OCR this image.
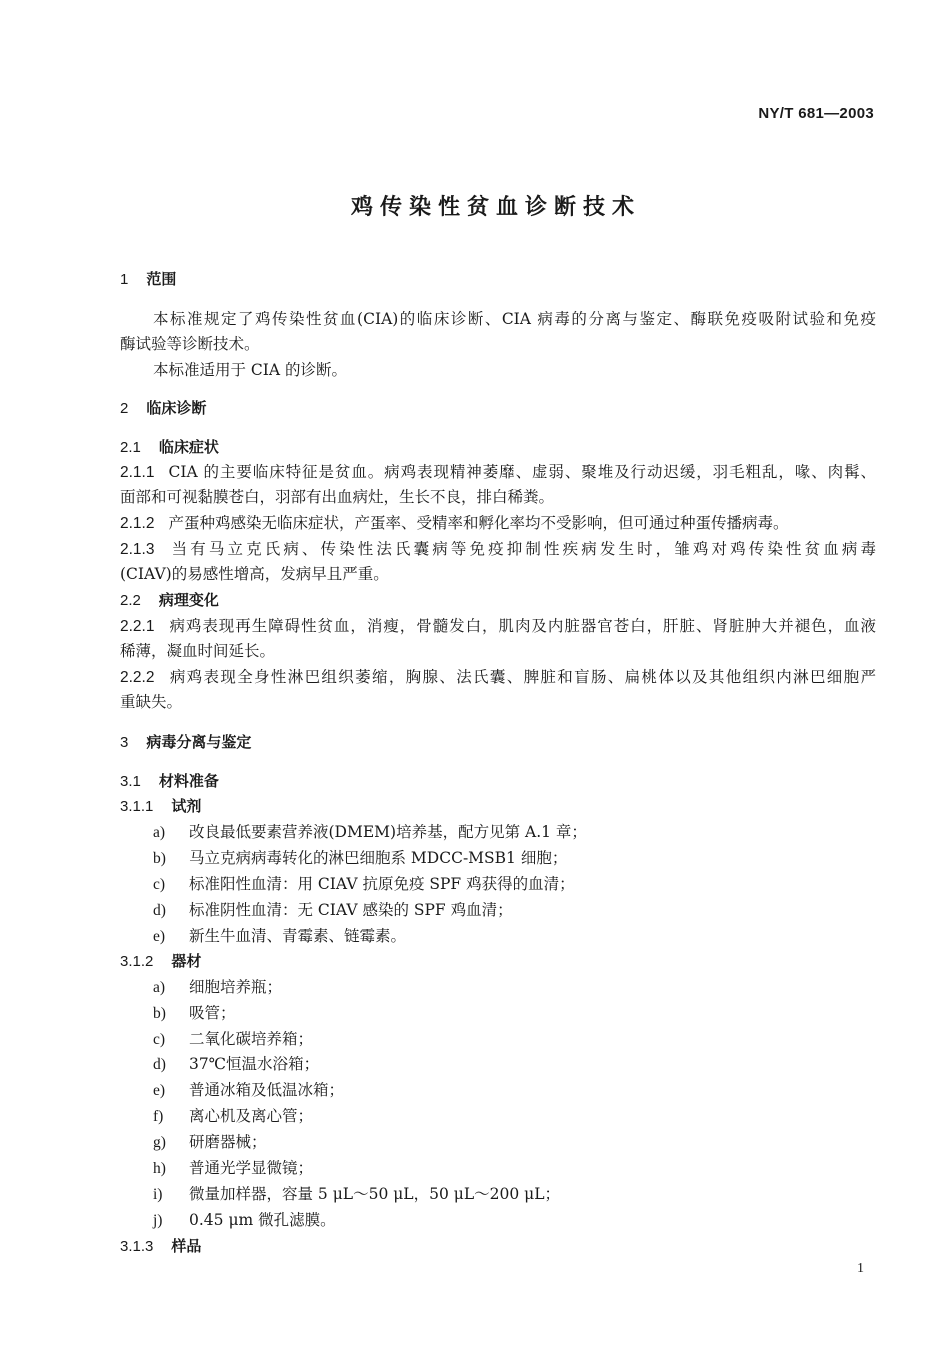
NY/T 681—2003
鸡传染性贫血诊断技术
1 范围
本标准规定了鸡传染性贫血(CIA)的临床诊断、CIA 病毒的分离与鉴定、酶联免疫吸附试验和免疫
酶试验等诊断技术。
本标准适用于 CIA 的诊断。
2 临床诊断
2.1 临床症状
2.1.1 CIA 的主要临床特征是贫血。病鸡表现精神萎靡、虚弱、聚堆及行动迟缓，羽毛粗乱，喙、肉髯、
面部和可视黏膜苍白，羽部有出血病灶，生长不良，排白稀粪。
2.1.2 产蛋种鸡感染无临床症状，产蛋率、受精率和孵化率均不受影响，但可通过种蛋传播病毒。
2.1.3 当有马立克氏病、传染性法氏囊病等免疫抑制性疾病发生时，雏鸡对鸡传染性贫血病毒
(CIAV)的易感性增高，发病早且严重。
2.2 病理变化
2.2.1 病鸡表现再生障碍性贫血，消瘦，骨髓发白，肌肉及内脏器官苍白，肝脏、肾脏肿大并褪色，血液
稀薄，凝血时间延长。
2.2.2 病鸡表现全身性淋巴组织萎缩，胸腺、法氏囊、脾脏和盲肠、扁桃体以及其他组织内淋巴细胞严
重缺失。
3 病毒分离与鉴定
3.1 材料准备
3.1.1 试剂
a) 改良最低要素营养液(DMEM)培养基，配方见第 A.1 章；
b) 马立克病病毒转化的淋巴细胞系 MDCC-MSB1 细胞；
c) 标准阳性血清：用 CIAV 抗原免疫 SPF 鸡获得的血清；
d) 标准阴性血清：无 CIAV 感染的 SPF 鸡血清；
e) 新生牛血清、青霉素、链霉素。
3.1.2 器材
a) 细胞培养瓶；
b) 吸管；
c) 二氧化碳培养箱；
d) 37℃恒温水浴箱；
e) 普通冰箱及低温冰箱；
f) 离心机及离心管；
g) 研磨器械；
h) 普通光学显微镜；
i) 微量加样器，容量 5 μL～50 μL，50 μL～200 μL；
j) 0.45 μm 微孔滤膜。
3.1.3 样品
1
